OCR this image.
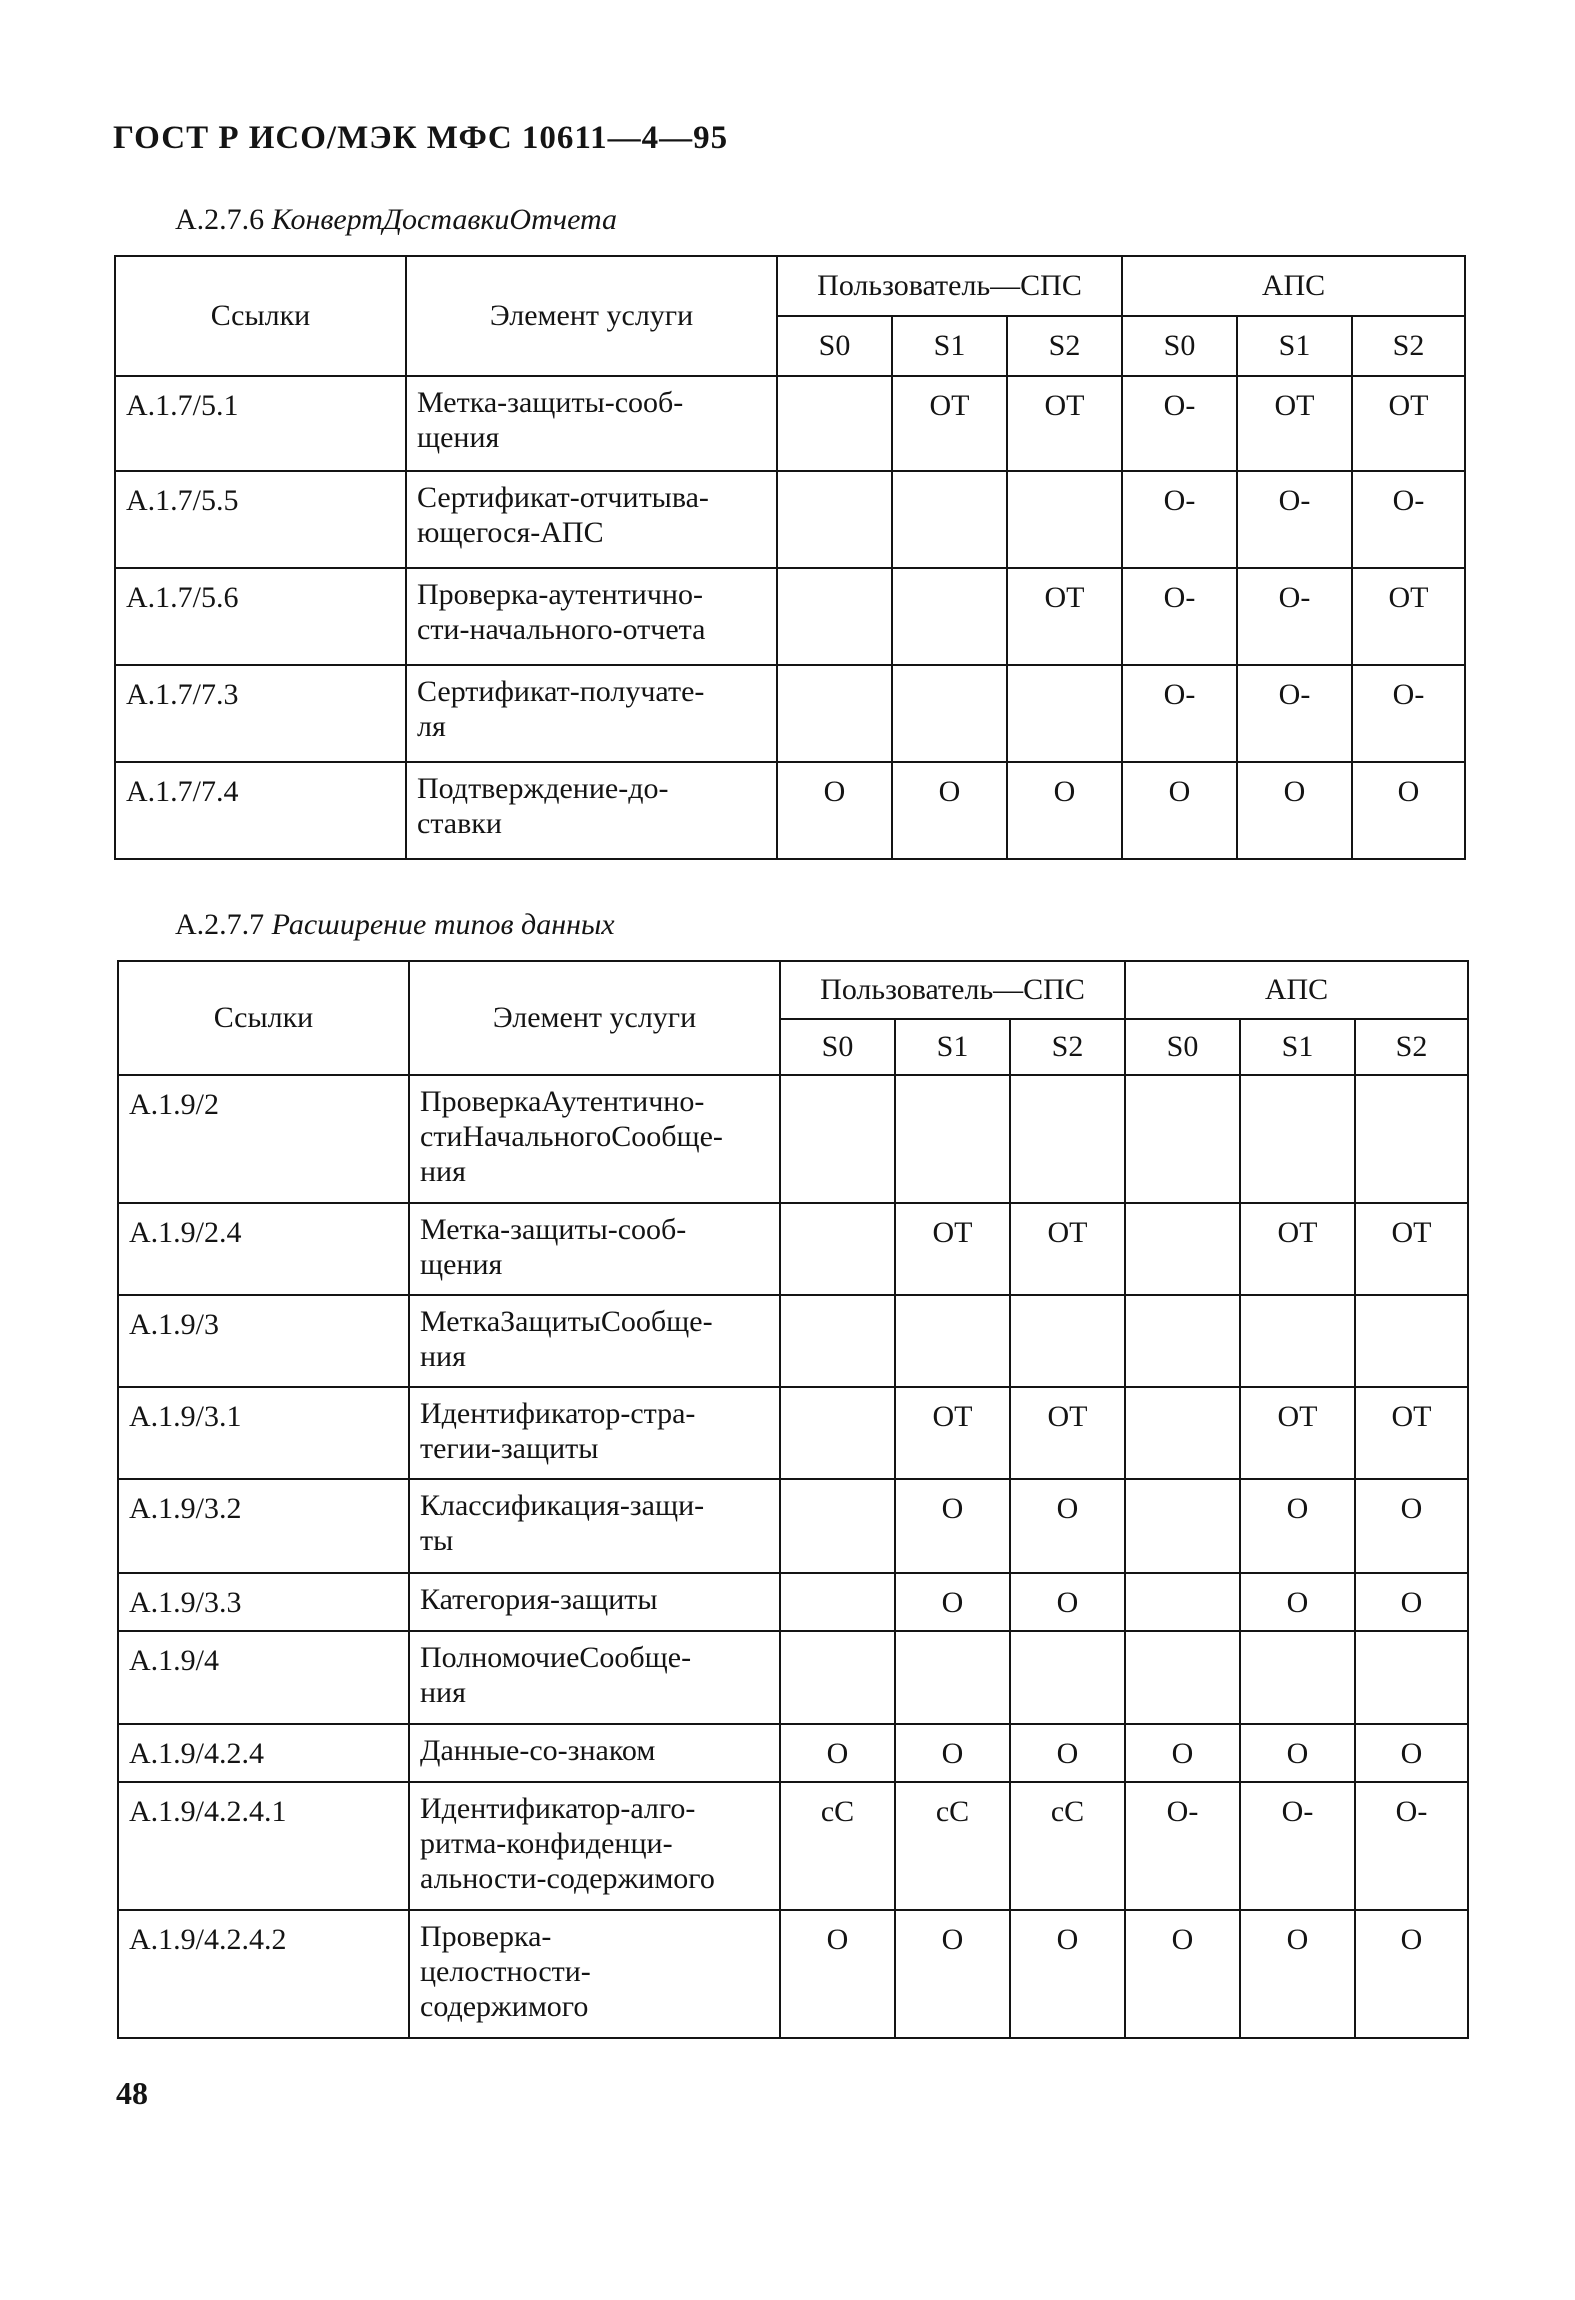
ГОСТ Р ИСО/МЭК МФС 10611—4—95
А.2.7.6 КонвертДоставкиОтчета
Ссылки	Элемент услуги	Пользователь—СПС			АПС		
		S0	S1	S2	S0	S1	S2
А.1.7/5.1	Метка-защиты-сооб-
щения		ОТ	ОТ	О-	ОТ	ОТ
А.1.7/5.5	Сертификат-отчитыва-
ющегося-АПС				О-	О-	О-
А.1.7/5.6	Проверка-аутентично-
сти-начального-отчета			ОТ	О-	О-	ОТ
А.1.7/7.3	Сертификат-получате-
ля				О-	О-	О-
А.1.7/7.4	Подтверждение-до-
ставки	О	О	О	О	О	О
А.2.7.7 Расширение типов данных
Ссылки	Элемент услуги	Пользователь—СПС			АПС		
		S0	S1	S2	S0	S1	S2
А.1.9/2	ПроверкаАутентично-
стиНачальногоСообще-
ния						

А.1.9/2.4	Метка-защиты-сооб-
щения		ОТ	ОТ		ОТ	ОТ
А.1.9/3	МеткаЗащитыСообще-
ния						

А.1.9/3.1	Идентификатор-стра-
тегии-защиты		ОТ	ОТ		ОТ	ОТ
А.1.9/3.2	Классификация-защи-
ты		О	О		О	О
А.1.9/3.3	Категория-защиты		О	О		О	О
А.1.9/4	ПолномочиеСообще-
ния						

А.1.9/4.2.4	Данные-со-знаком	О	О	О	О	О	О
А.1.9/4.2.4.1	Идентификатор-алго-
ритма-конфиденци-
альности-содержимого	сС	сС	сС	О-	О-	О-
А.1.9/4.2.4.2	Проверка-
целостности-
содержимого	О	О	О	О	О	О
48
